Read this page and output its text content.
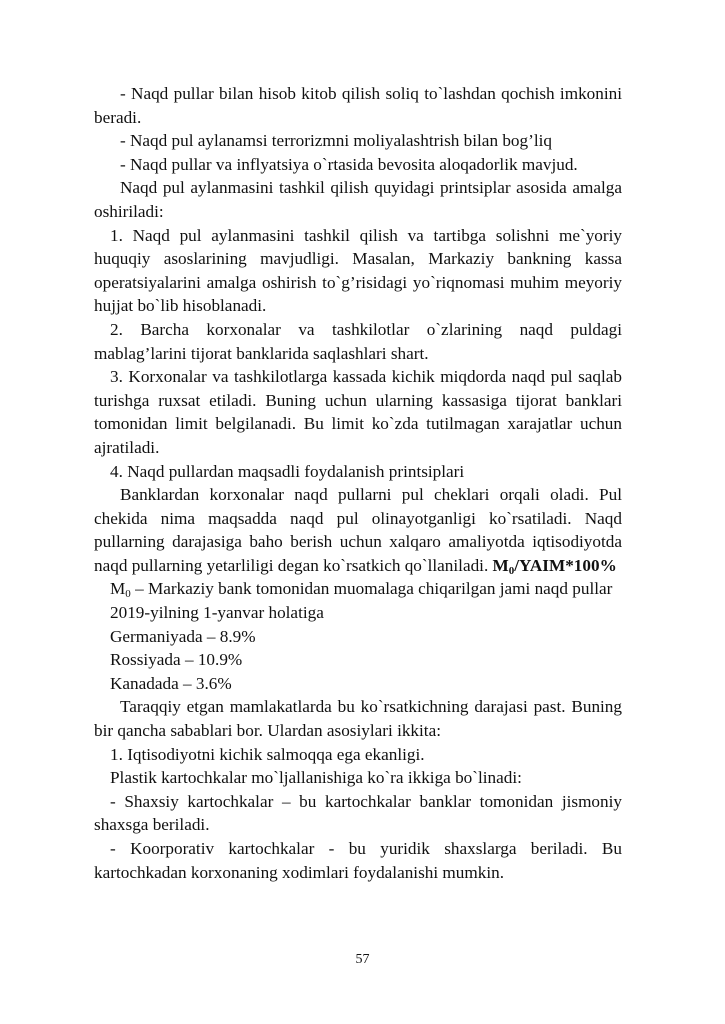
- Naqd pullar bilan hisob kitob qilish soliq to`lashdan qochish imkonini beradi.

- Naqd pul aylanamsi terrorizmni moliyalashtrish bilan bog’liq

- Naqd pullar va inflyatsiya o`rtasida bevosita aloqadorlik mavjud.

Naqd pul aylanmasini tashkil qilish quyidagi printsiplar asosida amalga oshiriladi:

1. Naqd pul aylanmasini tashkil qilish va tartibga solishni me`yoriy huquqiy asoslarining mavjudligi. Masalan, Markaziy bankning kassa operatsiyalarini amalga oshirish to`g’risidagi yo`riqnomasi muhim meyoriy hujjat bo`lib hisoblanadi.

2. Barcha korxonalar va tashkilotlar o`zlarining naqd puldagi mablag’larini tijorat banklarida saqlashlari shart.

3. Korxonalar va tashkilotlarga kassada kichik miqdorda naqd pul saqlab turishga ruxsat etiladi. Buning uchun ularning kassasiga tijorat banklari tomonidan limit belgilanadi. Bu limit ko`zda tutilmagan xarajatlar uchun ajratiladi.

4. Naqd pullardan maqsadli foydalanish printsiplari

Banklardan korxonalar naqd pullarni pul cheklari orqali oladi. Pul chekida nima maqsadda naqd pul olinayotganligi ko`rsatiladi. Naqd pullarning darajasiga baho berish uchun xalqaro amaliyotda iqtisodiyotda naqd pullarning yetarliligi degan ko`rsatkich qo`llaniladi. $M_0/YAIM*100\%$

$M_0$ – Markaziy bank tomonidan muomalaga chiqarilgan jami naqd pullar

2019-yilning 1-yanvar holatiga

Germaniyada – 8.9%

Rossiyada – 10.9%

Kanadada – 3.6%

Taraqqiy etgan mamlakatlarda bu ko`rsatkichning darajasi past. Buning bir qancha sabablari bor. Ulardan asosiylari ikkita:

1. Iqtisodiyotni kichik salmoqqa ega ekanligi.

Plastik kartochkalar mo`ljallanishiga ko`ra ikkiga bo`linadi:

- Shaxsiy kartochkalar – bu kartochkalar banklar tomonidan jismoniy shaxsga beriladi.

- Koorporativ kartochkalar - bu yuridik shaxslarga beriladi. Bu kartochkadan korxonaning xodimlari foydalanishi mumkin.

57
